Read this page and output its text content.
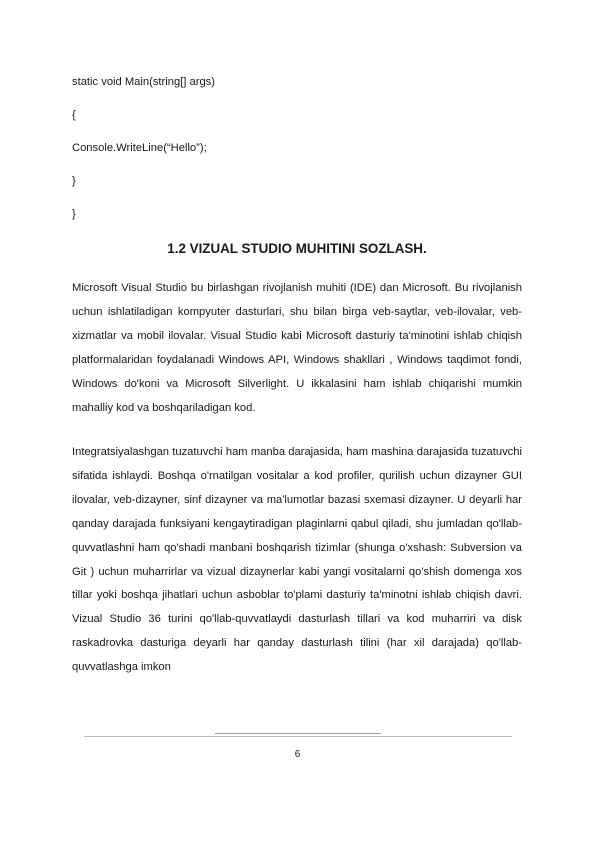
static void Main(string[] args)
{
Console.WriteLine(“Hello”);
}
}
1.2 VIZUAL STUDIO MUHITINI SOZLASH.
Microsoft Visual Studio bu birlashgan rivojlanish muhiti (IDE) dan Microsoft. Bu rivojlanish uchun ishlatiladigan kompyuter dasturlari, shu bilan birga veb-saytlar, veb-ilovalar, veb-xizmatlar va mobil ilovalar. Visual Studio kabi Microsoft dasturiy ta'minotini ishlab chiqish platformalaridan foydalanadi Windows API, Windows shakllari , Windows taqdimot fondi, Windows do'koni va Microsoft Silverlight. U ikkalasini ham ishlab chiqarishi mumkin mahalliy kod va boshqariladigan kod.
Integratsiyalashgan tuzatuvchi ham manba darajasida, ham mashina darajasida tuzatuvchi sifatida ishlaydi. Boshqa o'rnatilgan vositalar a kod profiler, qurilish uchun dizayner GUI ilovalar, veb-dizayner, sinf dizayner va ma'lumotlar bazasi sxemasi dizayner. U deyarli har qanday darajada funksiyani kengaytiradigan plaginlarni qabul qiladi, shu jumladan qo'llab-quvvatlashni ham qo'shadi manbani boshqarish tizimlar (shunga o'xshash: Subversion va Git ) uchun muharrirlar va vizual dizaynerlar kabi yangi vositalarni qo'shish domenga xos tillar yoki boshqa jihatlari uchun asboblar to'plami dasturiy ta'minotni ishlab chiqish davri. Vizual Studio 36 turini qo'llab-quvvatlaydi dasturlash tillari va kod muharriri va disk raskadrovka dasturiga deyarli har qanday dasturlash tilini (har xil darajada) qo'llab-quvvatlashga imkon
6
